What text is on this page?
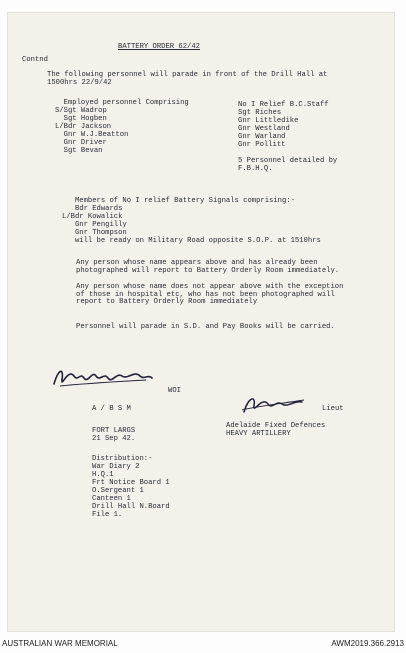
BATTERY ORDER 62/42
Contnd
The following personnel will parade in front of the Drill Hall at
1500hrs 22/9/42
Employed personnel Comprising
S/Sgt Wadrop
Sgt Hogben
L/Bdr Jackson
Gnr W.J.Beatton
Gnr Driver
Sgt Bevan
No I Relief B.C.Staff
Sgt Riches
Gnr Littledike
Gnr Westland
Gnr Warland
Gnr Pollitt
5 Personnel detailed by
F.B.H.Q.
Members of No I relief Battery Signals comprising:-
Bdr Edwards
L/Bdr Kowalick
Gnr Pengilly
Gnr Thompson
will be ready on Military Road opposite S.O.P. at 1510hrs
Any person whose name appears above and has already been
photographed will report to Battery Orderly Room immediately.
Any person whose name does not appear above with the exception
of those in hospital etc, who has not been photographed will
report to Battery Orderly Room immediately
Personnel will parade in S.D. and Pay Books will be carried.
WOI
A / B S M	Lieut
Adelaide Fixed Defences
HEAVY ARTILLERY
FORT LARGS
21 Sep 42.
Distribution:-
War Diary 2
H.Q.1
Frt Notice Board 1
O.Sergeant 1
Canteen 1
Drill Hall N.Board
File 1.
AUSTRALIAN WAR MEMORIAL	AWM2019.366.2913
